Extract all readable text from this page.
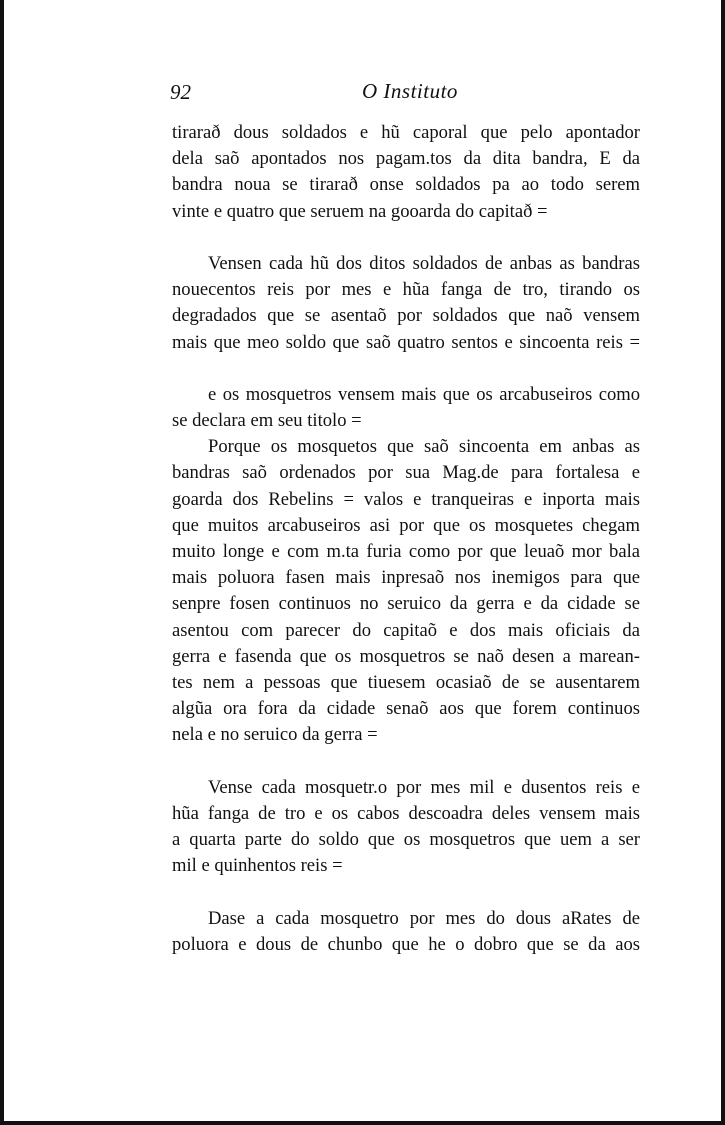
92	O Instituto
tirarað dous soldados e hũ caporal que pelo apontador
dela saõ apontados nos pagam.tos da dita bandra, E da
bandra noua se tirarað onse soldados pa ao todo serem
vinte e quatro que seruem na gooarda do capitað =
Vensen cada hũ dos ditos soldados de anbas as bandras
nouecentos reis por mes e hũa fanga de tro, tirando os
degradados que se asentaõ por soldados que naõ vensem
mais que meo soldo que saõ quatro sentos e sincoenta reis =
e os mosquetros vensem mais que os arcabuseiros como
se declara em seu titolo =
Porque os mosquetos que saõ sincoenta em anbas as
bandras saõ ordenados por sua Mag.de para fortalesa e
goarda dos Rebelins = valos e tranqueiras e inporta mais
que muitos arcabuseiros asi por que os mosquetes chegam
muito longe e com m.ta furia como por que leuaõ mor bala
mais poluora fasen mais inpresaõ nos inemigos para que
senpre fosen continuos no seruico da gerra e da cidade se
asentou com parecer do capitaõ e dos mais oficiais da
gerra e fasenda que os mosquetros se naõ desen a marean-
tes nem a pessoas que tiuesem ocasiaõ de se ausentarem
algũa ora fora da cidade senaõ aos que forem continuos
nela e no seruico da gerra =
Vense cada mosquetr.o por mes mil e dusentos reis e
hũa fanga de tro e os cabos descoadra deles vensem mais
a quarta parte do soldo que os mosquetros que uem a ser
mil e quinhentos reis =
Dase a cada mosquetro por mes do dous aRates de
poluora e dous de chunbo que he o dobro que se da aos
